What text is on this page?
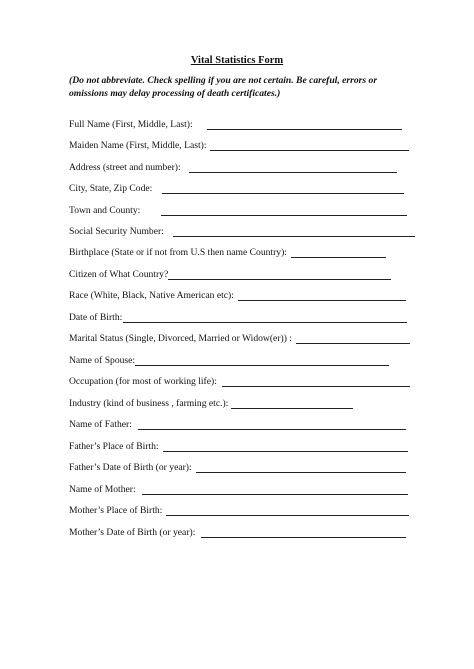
Vital Statistics Form
(Do not abbreviate. Check spelling if you are not certain. Be careful, errors or omissions may delay processing of death certificates.)
Full Name (First, Middle, Last):
Maiden Name (First, Middle, Last):
Address (street and number):
City, State, Zip Code:
Town and County:
Social Security Number:
Birthplace (State or if not from U.S then name Country):
Citizen of What Country?
Race (White, Black, Native American etc):
Date of Birth:
Marital Status (Single, Divorced, Married or Widow(er)) :
Name of Spouse:
Occupation (for most of working life):
Industry (kind of business , farming etc.):
Name of Father:
Father’s Place of Birth:
Father’s Date of Birth (or year):
Name of Mother:
Mother’s Place of Birth:
Mother’s Date of Birth (or year):
